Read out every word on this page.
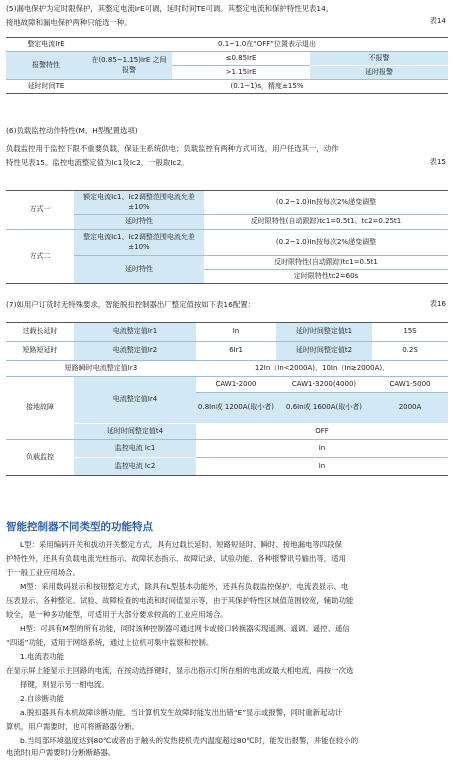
(5)漏电保护为定时限保护，其整定电流IrE可调，延时时间TE可调。其整定电流和保护特性见表14。
接地故障和漏电保护两种只能选一种。	表14
整定电流IrE	0.1~1.0在“OFF”位置表示退出		
报警特性	在(0.85~1.15)IrE 之间报警	≤0.85IrE	不报警
		>1.15IrE	延时报警
延时时间TE	(0.1~1)s，精度±15%		
(6)负载监控动作特性(M、H型配置选项)
负载监控用于监控下限不重要负载，保证主系统供电；负载监控有两种方式可选，用户任选其一，动作
特性见表15。监控电流整定值为Ic1及Ic2，一般取Ic2。	表15
方式一	额定电流Ic1、Ic2调整范围电流允差±10%	(0.2~1.0)In按每次2%递变调整
	延时特性	反时限特性(自动跟踪)tc1=0.5t1、tc2=0.25t1
方式二	整定电流Ic1、Ic2调整范围电流允差±10%	(0.2~1.0)In按每次2%递变调整
	延时特性	反时限特性(自动跟踪)tc1=0.5t1
		定时限特性tc2=60s
(7)如用户订货时无特殊要求，智能脱扣控制器出厂整定值按如下表16配置：	表16
过载长延时	电流整定值Ir1	In	延时时间整定值t1	15S
短路短延时	电流整定值Ir2	6Ir1	延时时间整定值t2	0.2S
短路瞬时电流整定值Ir3		12In（In<2000A)、10In（In≥2000A)、		
接地故障	电流整定值Ir4	CAW1-2000	CAW1-3200(4000)	CAW1-5000
		0.8In或 1200A(取小者)	0.6In或 1600A(取小者)	2000A
	延时时间整定值t4	OFF		
负载监控	监控电流 Ic1	In		
	监控电流 Ic2	In		
智能控制器不同类型的功能特点
L型：采用编码开关和拔动开关整定方式，具有过载长延时、短路短延时、瞬时、接地漏电等四段保
护特性外，还具有负载电流光柱指示、故障状态指示、故障记录、试验功能、各种报警讯号输出等，适用
于一般工业应用场合。
M型：采用数码显示和按钮整定方式，除具有L型基本功能外，还具有负载监控保护、电流表显示、电
压表显示、各种整定、试验、故障检查的电流和时间值显示等，由于其保护特性区域值范围较宽，辅助功能
较全，是一种多功能型，可适用于大部分要求较高的工业应用场合。
H型：可具有M型的所有功能，同时该种控制器可通过网卡或接口转换器实现遥测、遥调、遥控、遥信
“四遥”功能，适用于网络系统，通过上位机可集中监察和控制。
1.电流表功能
在显示屏上能显示主回路的电流，在按动选择键时，显示出指示灯所在相的电流或最大相电流，再按一次选
择键，则显示另一相电流。
2.自诊断功能
a.脱扣器具有本机故障诊断功能。当计算机发生故障时能发出出错“E”显示或报警，同时重新起动计
算机，用户需要时，也可将断路器分断。
b.当局部环境温度达到80℃或者由于触头的发热使机壳内温度超过80℃时，能发出报警，并能在较小的
电流时(用户需要时)分断断路器。
